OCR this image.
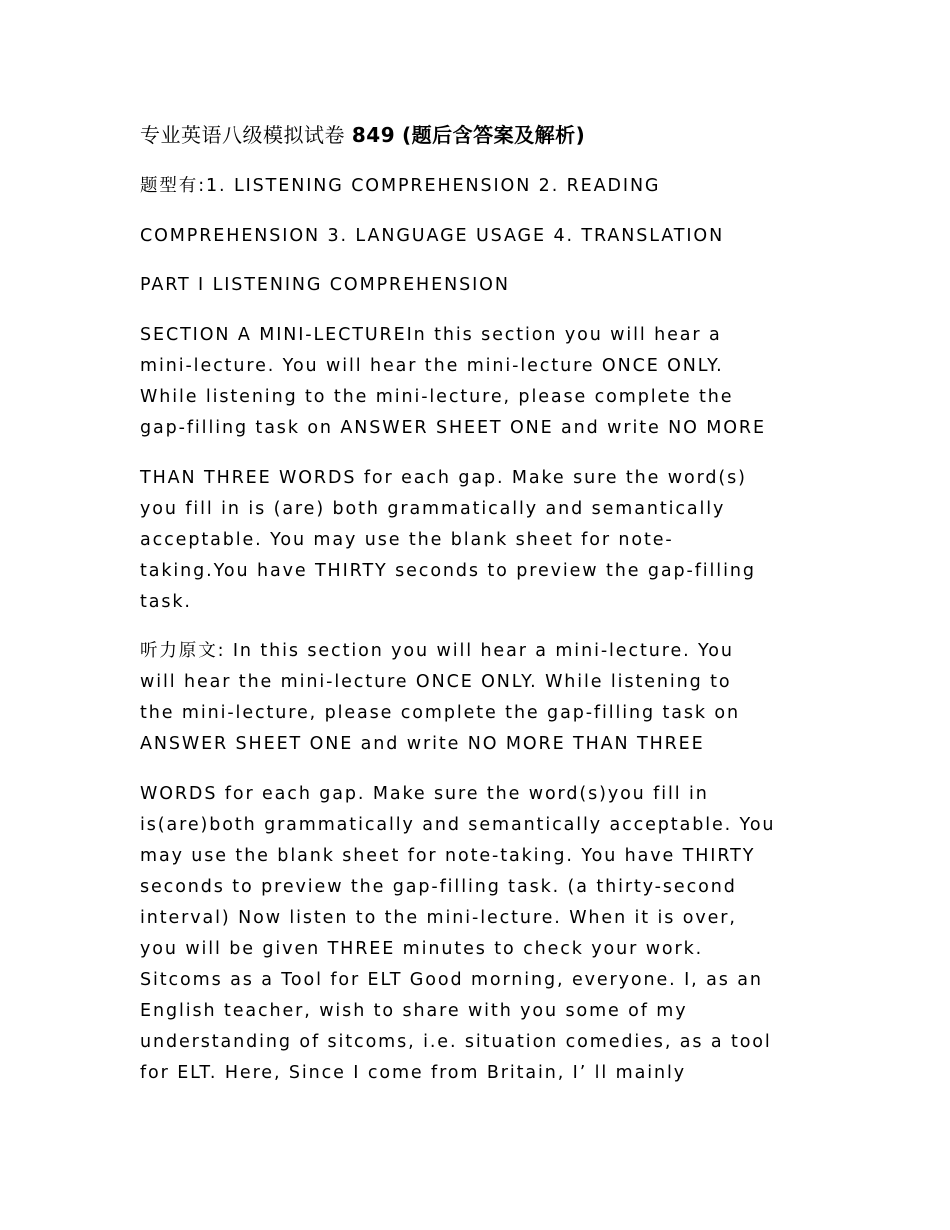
专业英语八级模拟试卷 849 (题后含答案及解析)
题型有:1. LISTENING COMPREHENSION 2. READING
COMPREHENSION 3. LANGUAGE USAGE 4. TRANSLATION
PART I LISTENING COMPREHENSION
SECTION A MINI-LECTUREIn this section you will hear a
mini-lecture. You will hear the mini-lecture ONCE ONLY.
While listening to the mini-lecture, please complete the
gap-filling task on ANSWER SHEET ONE and write NO MORE
THAN THREE WORDS for each gap. Make sure the word(s)
you fill in is (are) both grammatically and semantically
acceptable. You may use the blank sheet for note-
taking.You have THIRTY seconds to preview the gap-filling
task.
听力原文: In this section you will hear a mini-lecture. You
will hear the mini-lecture ONCE ONLY. While listening to
the mini-lecture, please complete the gap-filling task on
ANSWER SHEET ONE and write NO MORE THAN THREE
WORDS for each gap. Make sure the word(s)you fill in
is(are)both grammatically and semantically acceptable. You
may use the blank sheet for note-taking. You have THIRTY
seconds to preview the gap-filling task. (a thirty-second
interval) Now listen to the mini-lecture. When it is over,
you will be given THREE minutes to check your work.
Sitcoms as a Tool for ELT Good morning, everyone. I, as an
English teacher, wish to share with you some of my
understanding of sitcoms, i.e. situation comedies, as a tool
for ELT. Here, Since I come from Britain, I’ ll mainly
